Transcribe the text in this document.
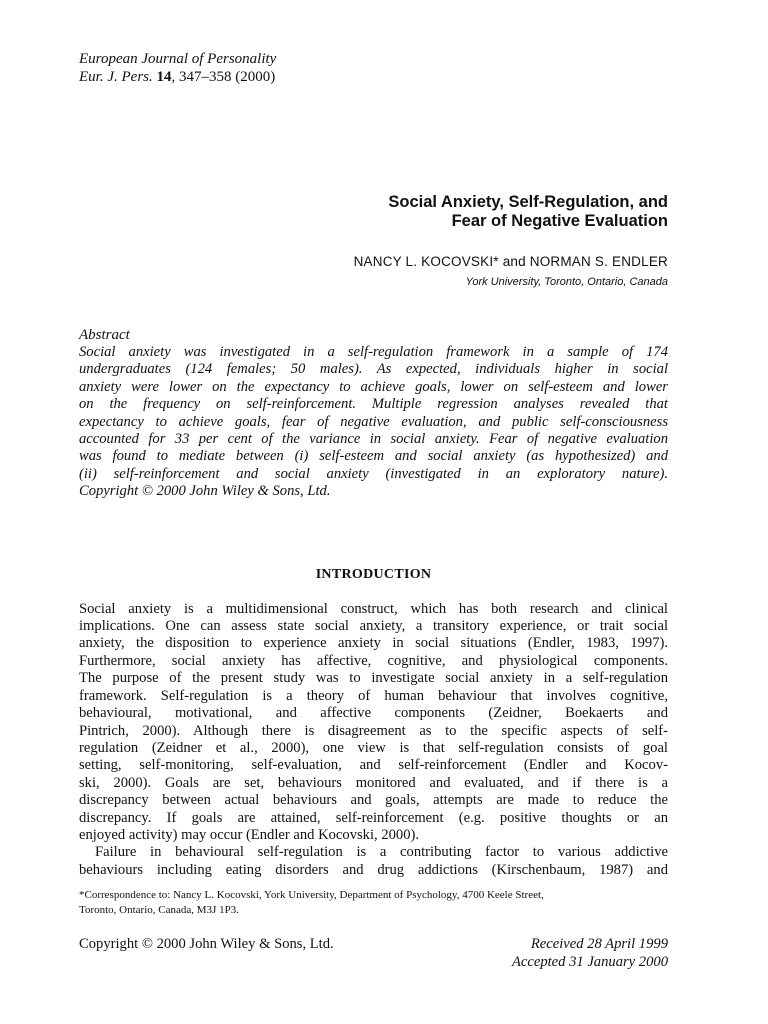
European Journal of Personality
Eur. J. Pers. 14, 347–358 (2000)
Social Anxiety, Self-Regulation, and
Fear of Negative Evaluation
NANCY L. KOCOVSKI* and NORMAN S. ENDLER
York University, Toronto, Ontario, Canada
Abstract
Social anxiety was investigated in a self-regulation framework in a sample of 174
undergraduates (124 females; 50 males). As expected, individuals higher in social
anxiety were lower on the expectancy to achieve goals, lower on self-esteem and lower
on the frequency on self-reinforcement. Multiple regression analyses revealed that
expectancy to achieve goals, fear of negative evaluation, and public self-consciousness
accounted for 33 per cent of the variance in social anxiety. Fear of negative evaluation
was found to mediate between (i) self-esteem and social anxiety (as hypothesized) and
(ii) self-reinforcement and social anxiety (investigated in an exploratory nature).
Copyright © 2000 John Wiley & Sons, Ltd.
INTRODUCTION
Social anxiety is a multidimensional construct, which has both research and clinical
implications. One can assess state social anxiety, a transitory experience, or trait social
anxiety, the disposition to experience anxiety in social situations (Endler, 1983, 1997).
Furthermore, social anxiety has affective, cognitive, and physiological components.
The purpose of the present study was to investigate social anxiety in a self-regulation
framework. Self-regulation is a theory of human behaviour that involves cognitive,
behavioural, motivational, and affective components (Zeidner, Boekaerts and
Pintrich, 2000). Although there is disagreement as to the specific aspects of self-
regulation (Zeidner et al., 2000), one view is that self-regulation consists of goal
setting, self-monitoring, self-evaluation, and self-reinforcement (Endler and Kocov-
ski, 2000). Goals are set, behaviours monitored and evaluated, and if there is a
discrepancy between actual behaviours and goals, attempts are made to reduce the
discrepancy. If goals are attained, self-reinforcement (e.g. positive thoughts or an
enjoyed activity) may occur (Endler and Kocovski, 2000).
Failure in behavioural self-regulation is a contributing factor to various addictive
behaviours including eating disorders and drug addictions (Kirschenbaum, 1987) and
*Correspondence to: Nancy L. Kocovski, York University, Department of Psychology, 4700 Keele Street,
Toronto, Ontario, Canada, M3J 1P3.
Copyright © 2000 John Wiley & Sons, Ltd.	Received 28 April 1999
Accepted 31 January 2000
